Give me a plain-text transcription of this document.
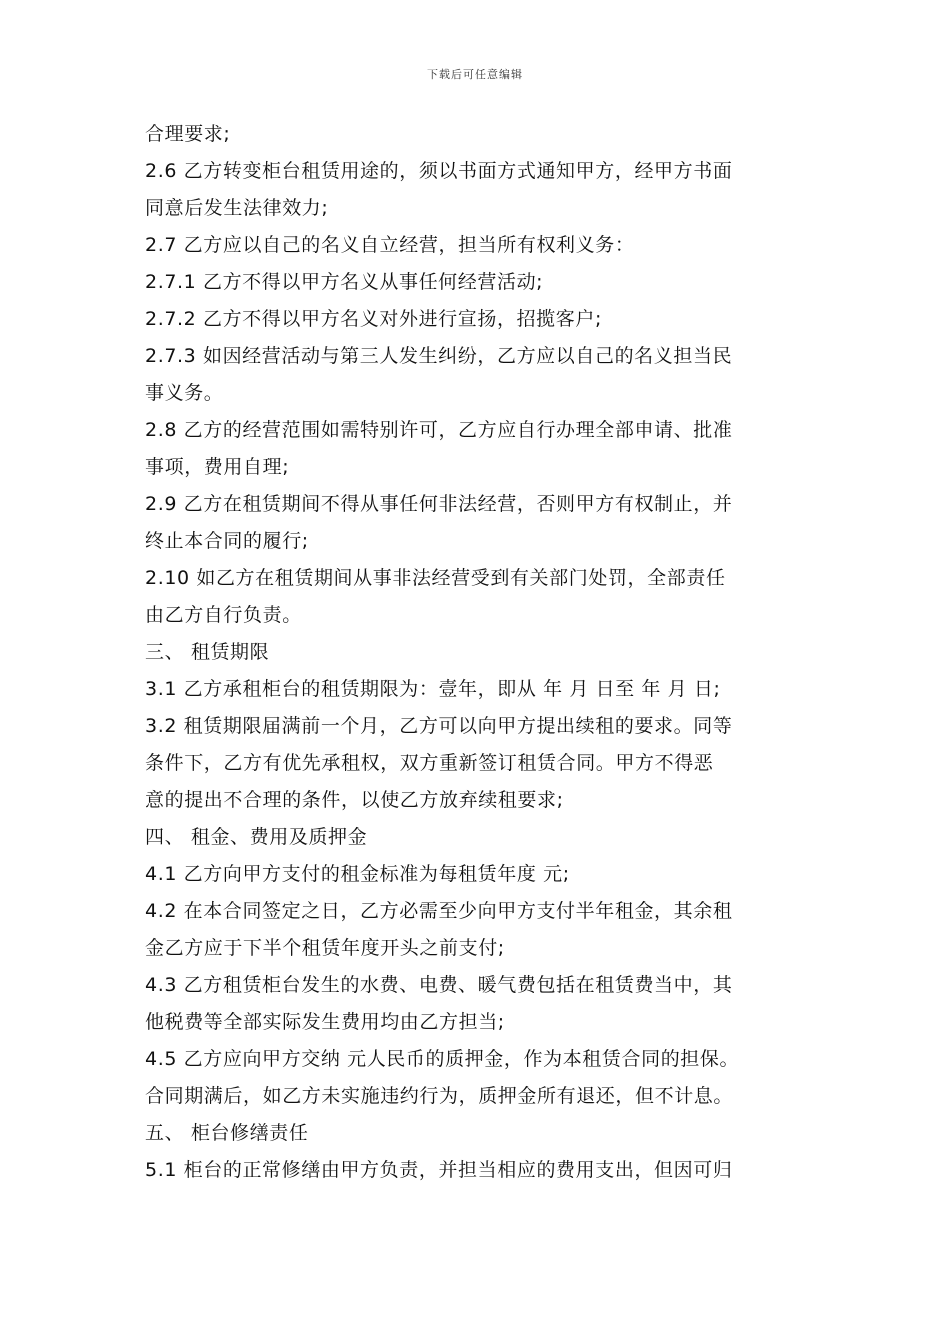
下载后可任意编辑
合理要求;
2.6 乙方转变柜台租赁用途的，须以书面方式通知甲方，经甲方书面
同意后发生法律效力;
2.7 乙方应以自己的名义自立经营，担当所有权利义务：
2.7.1 乙方不得以甲方名义从事任何经营活动;
2.7.2 乙方不得以甲方名义对外进行宣扬，招揽客户;
2.7.3 如因经营活动与第三人发生纠纷，乙方应以自己的名义担当民
事义务。
2.8 乙方的经营范围如需特别许可，乙方应自行办理全部申请、批准
事项，费用自理;
2.9 乙方在租赁期间不得从事任何非法经营，否则甲方有权制止，并
终止本合同的履行;
2.10 如乙方在租赁期间从事非法经营受到有关部门处罚，全部责任
由乙方自行负责。
三、 租赁期限
3.1 乙方承租柜台的租赁期限为：壹年，即从 年 月 日至 年 月 日;
3.2 租赁期限届满前一个月，乙方可以向甲方提出续租的要求。同等
条件下，乙方有优先承租权，双方重新签订租赁合同。甲方不得恶
意的提出不合理的条件，以使乙方放弃续租要求;
四、 租金、费用及质押金
4.1 乙方向甲方支付的租金标准为每租赁年度 元;
4.2 在本合同签定之日，乙方必需至少向甲方支付半年租金，其余租
金乙方应于下半个租赁年度开头之前支付;
4.3 乙方租赁柜台发生的水费、电费、暖气费包括在租赁费当中，其
他税费等全部实际发生费用均由乙方担当;
4.5 乙方应向甲方交纳 元人民币的质押金，作为本租赁合同的担保。
合同期满后，如乙方未实施违约行为，质押金所有退还，但不计息。
五、 柜台修缮责任
5.1 柜台的正常修缮由甲方负责，并担当相应的费用支出，但因可归
